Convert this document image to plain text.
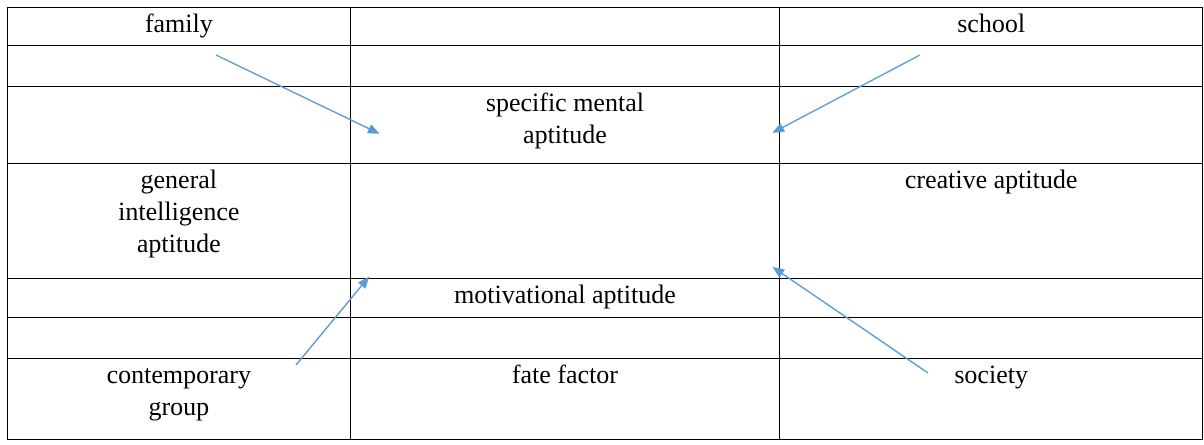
family		school

	specific mental
aptitude	

general
intelligence
aptitude		creative aptitude
	motivational aptitude	

contemporary
group	fate factor	society
